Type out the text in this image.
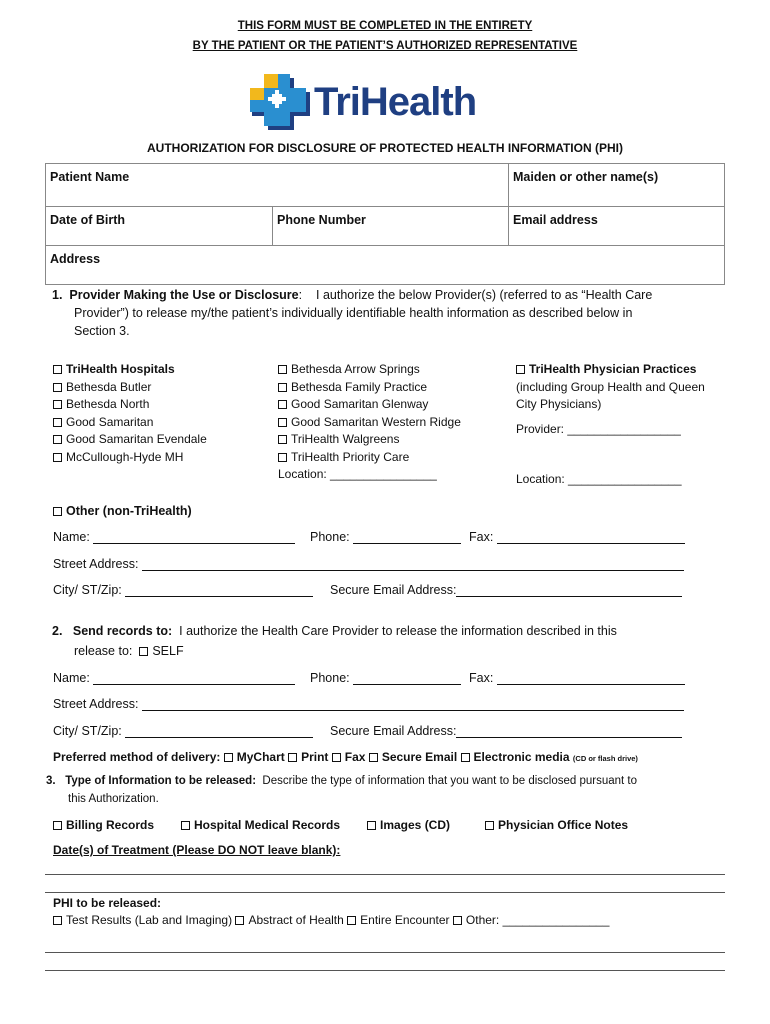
THIS FORM MUST BE COMPLETED IN THE ENTIRETY
BY THE PATIENT OR THE PATIENT’S AUTHORIZED REPRESENTATIVE
TriHealth
AUTHORIZATION FOR DISCLOSURE OF PROTECTED HEALTH INFORMATION (PHI)
Patient Name	Maiden or other name(s)
Date of Birth	Phone Number	Email address
Address
1. Provider Making the Use or Disclosure: I authorize the below Provider(s) (referred to as “Health Care
Provider”) to release my/the patient’s individually identifiable health information as described below in
Section 3.
TriHealth Hospitals
Bethesda Butler
Bethesda North
Good Samaritan
Good Samaritan Evendale
McCullough-Hyde MH
Bethesda Arrow Springs
Bethesda Family Practice
Good Samaritan Glenway
Good Samaritan Western Ridge
TriHealth Walgreens
TriHealth Priority Care
Location: ________________
TriHealth Physician Practices
(including Group Health and Queen
City Physicians)
Provider: _________________
Location: _________________
Other (non-TriHealth)
Name:	Phone:	Fax:
Street Address:
City/ ST/Zip:	Secure Email Address:
2. Send records to: I authorize the Health Care Provider to release the information described in this
release to: SELF
Name:	Phone:	Fax:
Street Address:
City/ ST/Zip:	Secure Email Address:
Preferred method of delivery: MyChart Print Fax Secure Email Electronic media (CD or flash drive)
3. Type of Information to be released: Describe the type of information that you want to be disclosed pursuant to
this Authorization.
Billing Records	Hospital Medical Records	Images (CD)	Physician Office Notes
Date(s) of Treatment (Please DO NOT leave blank):
PHI to be released:
Test Results (Lab and Imaging) Abstract of Health Entire Encounter Other: ________________
